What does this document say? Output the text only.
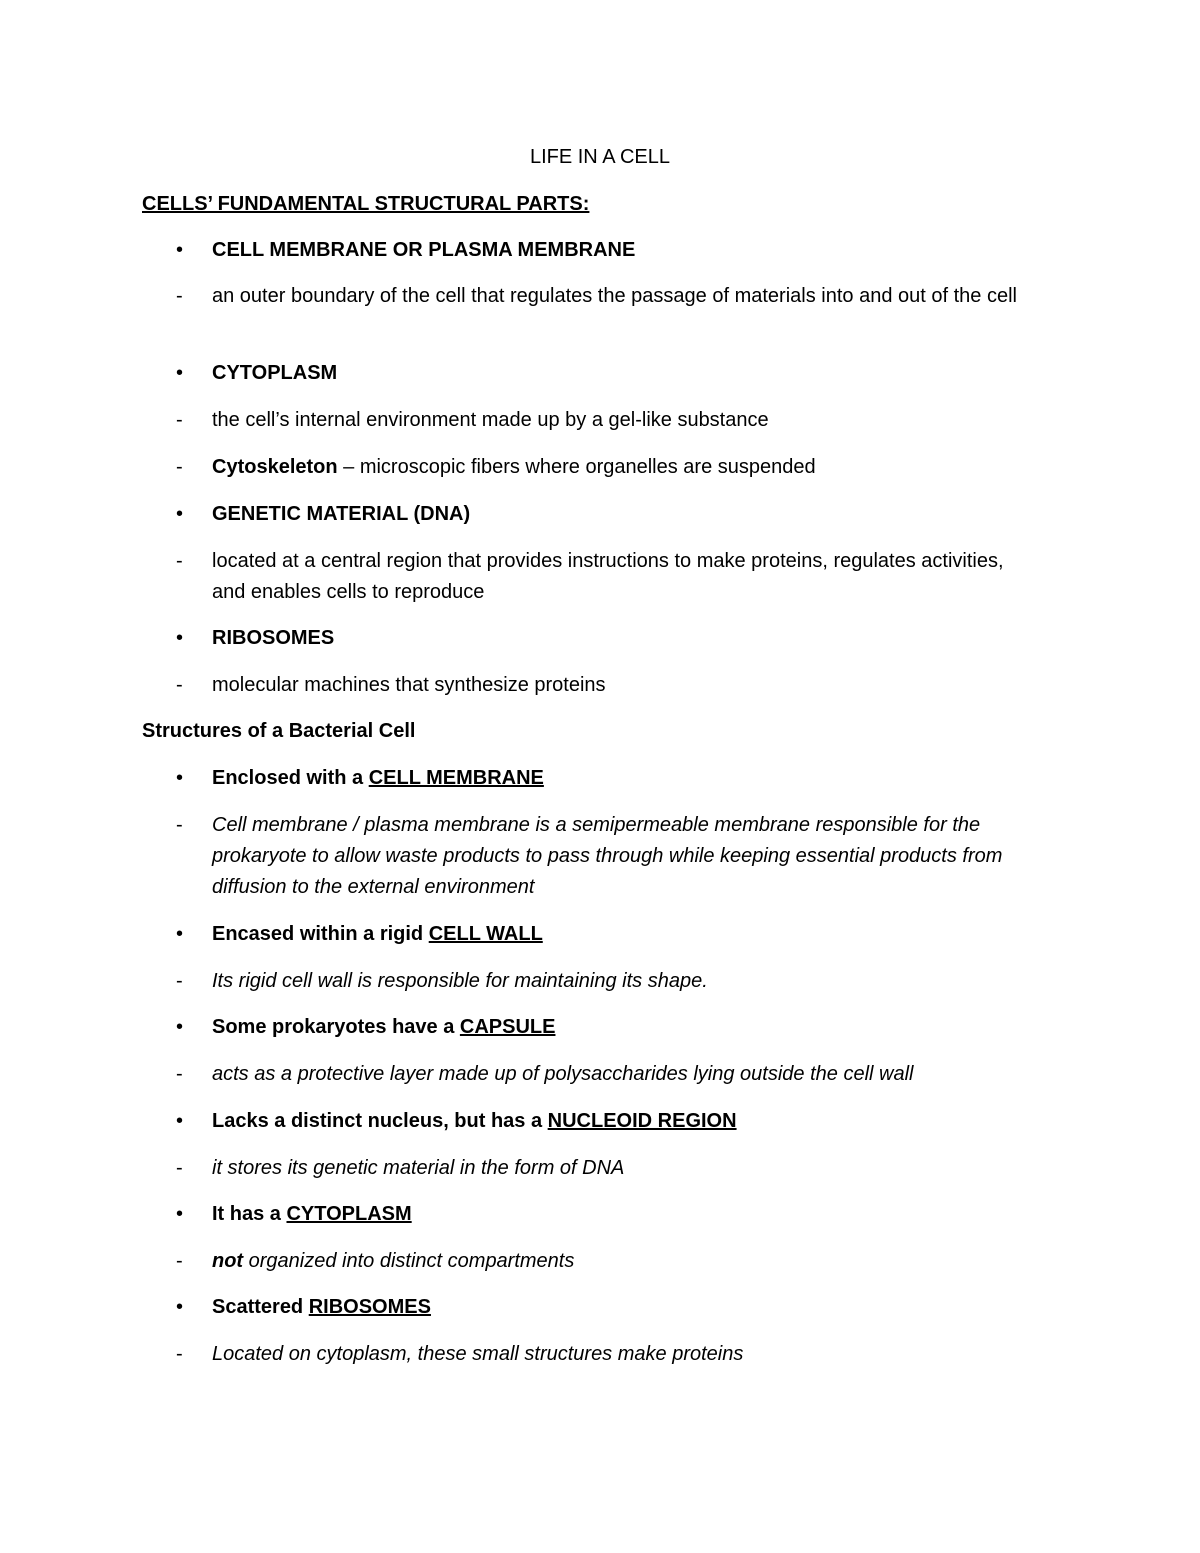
LIFE IN A CELL
CELLS’ FUNDAMENTAL STRUCTURAL PARTS:
•	CELL MEMBRANE OR PLASMA MEMBRANE
-	an outer boundary of the cell that regulates the passage of materials into and out of the cell
•	CYTOPLASM
-	the cell’s internal environment made up by a gel-like substance
-	Cytoskeleton – microscopic fibers where organelles are suspended
•	GENETIC MATERIAL (DNA)
-	located at a central region that provides instructions to make proteins, regulates activities, and enables cells to reproduce
•	RIBOSOMES
-	molecular machines that synthesize proteins
Structures of a Bacterial Cell
•	Enclosed with a CELL MEMBRANE
-	Cell membrane / plasma membrane is a semipermeable membrane responsible for the prokaryote to allow waste products to pass through while keeping essential products from diffusion to the external environment
•	Encased within a rigid CELL WALL
-	Its rigid cell wall is responsible for maintaining its shape.
•	Some prokaryotes have a CAPSULE
-	acts as a protective layer made up of polysaccharides lying outside the cell wall
•	Lacks a distinct nucleus, but has a NUCLEOID REGION
-	it stores its genetic material in the form of DNA
•	It has a CYTOPLASM
-	not organized into distinct compartments
•	Scattered RIBOSOMES
-	Located on cytoplasm, these small structures make proteins
